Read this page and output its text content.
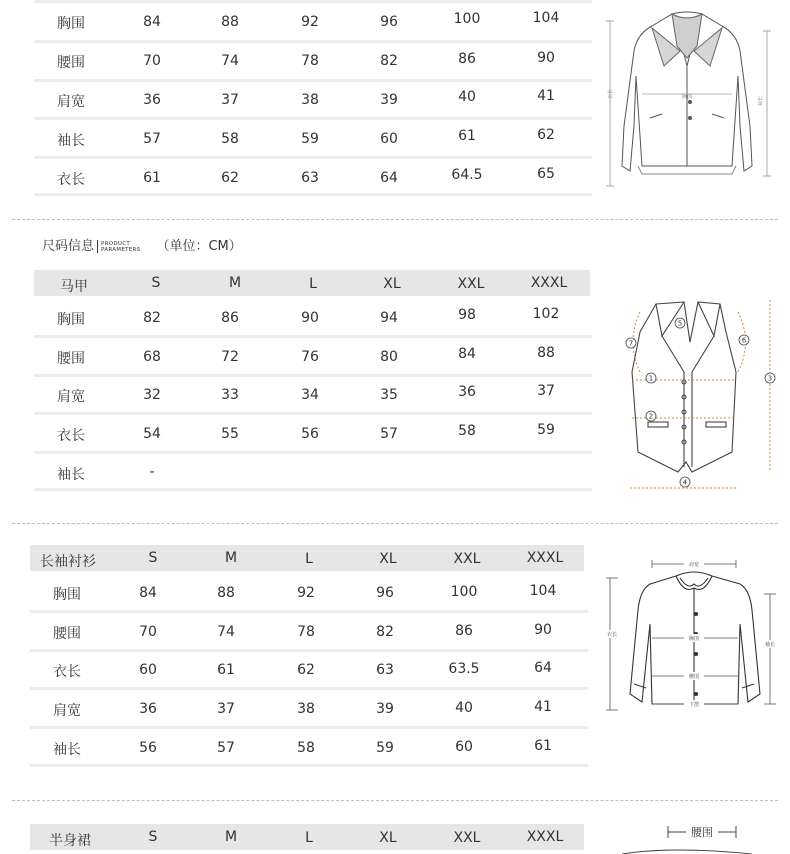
胸围	84	88	92	96	100	104
腰围	70	74	78	82	86	90
肩宽	36	37	38	39	40	41
袖长	57	58	59	60	61	62
衣长	61	62	63	64	64.5	65
胸围
衣长
袖长
尺码信息 PRODUCT
PARAMETERS （单位：CM）
马甲	S	M	L	XL	XXL	XXXL
胸围	82	86	90	94	98	102
腰围	68	72	76	80	84	88
肩宽	32	33	34	35	36	37
衣长	54	55	56	57	58	59
袖长	-
1
2
3
4
5
6
7
长袖衬衫	S	M	L	XL	XXL	XXXL
胸围	84	88	92	96	100	104
腰围	70	74	78	82	86	90
衣长	60	61	62	63	63.5	64
肩宽	36	37	38	39	40	41
袖长	56	57	58	59	60	61
肩宽
胸围
腰围
下摆
衣长
袖长
半身裙	S	M	L	XL	XXL	XXXL	腰围
